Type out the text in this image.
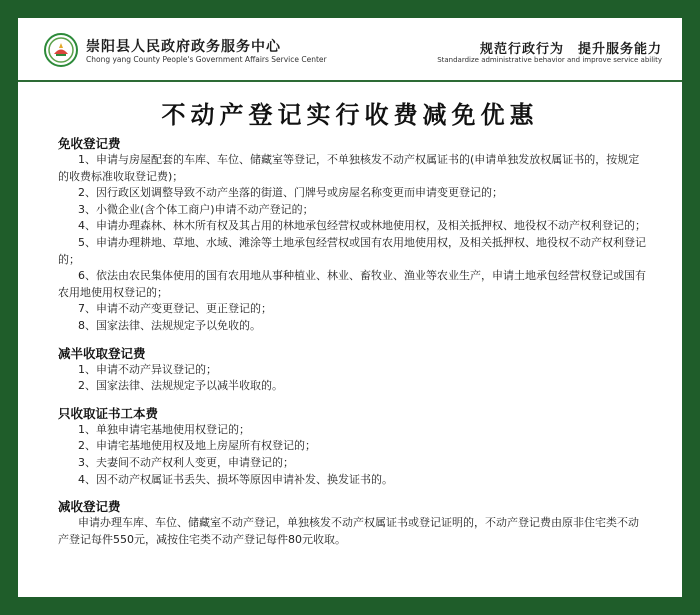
崇阳县人民政府政务服务中心
Chong yang County People's Government Affairs Service Center
规范行政行为　提升服务能力
Standardize administrative behavior and improve service ability
不动产登记实行收费减免优惠
免收登记费
1、申请与房屋配套的车库、车位、储藏室等登记，不单独核发不动产权属证书的(申请单独发放权属证书的，按规定的收费标准收取登记费)；
2、因行政区划调整导致不动产坐落的街道、门牌号或房屋名称变更而申请变更登记的；
3、小微企业(含个体工商户)申请不动产登记的；
4、申请办理森林、林木所有权及其占用的林地承包经营权或林地使用权，及相关抵押权、地役权不动产权利登记的；
5、申请办理耕地、草地、水域、滩涂等土地承包经营权或国有农用地使用权，及相关抵押权、地役权不动产权利登记的；
6、依法由农民集体使用的国有农用地从事种植业、林业、畜牧业、渔业等农业生产，申请土地承包经营权登记或国有农用地使用权登记的；
7、申请不动产变更登记、更正登记的；
8、国家法律、法规规定予以免收的。
减半收取登记费
1、申请不动产异议登记的；
2、国家法律、法规规定予以减半收取的。
只收取证书工本费
1、单独申请宅基地使用权登记的；
2、申请宅基地使用权及地上房屋所有权登记的；
3、夫妻间不动产权利人变更，申请登记的；
4、因不动产权属证书丢失、损坏等原因申请补发、换发证书的。
减收登记费
申请办理车库、车位、储藏室不动产登记，单独核发不动产权属证书或登记证明的，不动产登记费由原非住宅类不动产登记每件550元，减按住宅类不动产登记每件80元收取。
